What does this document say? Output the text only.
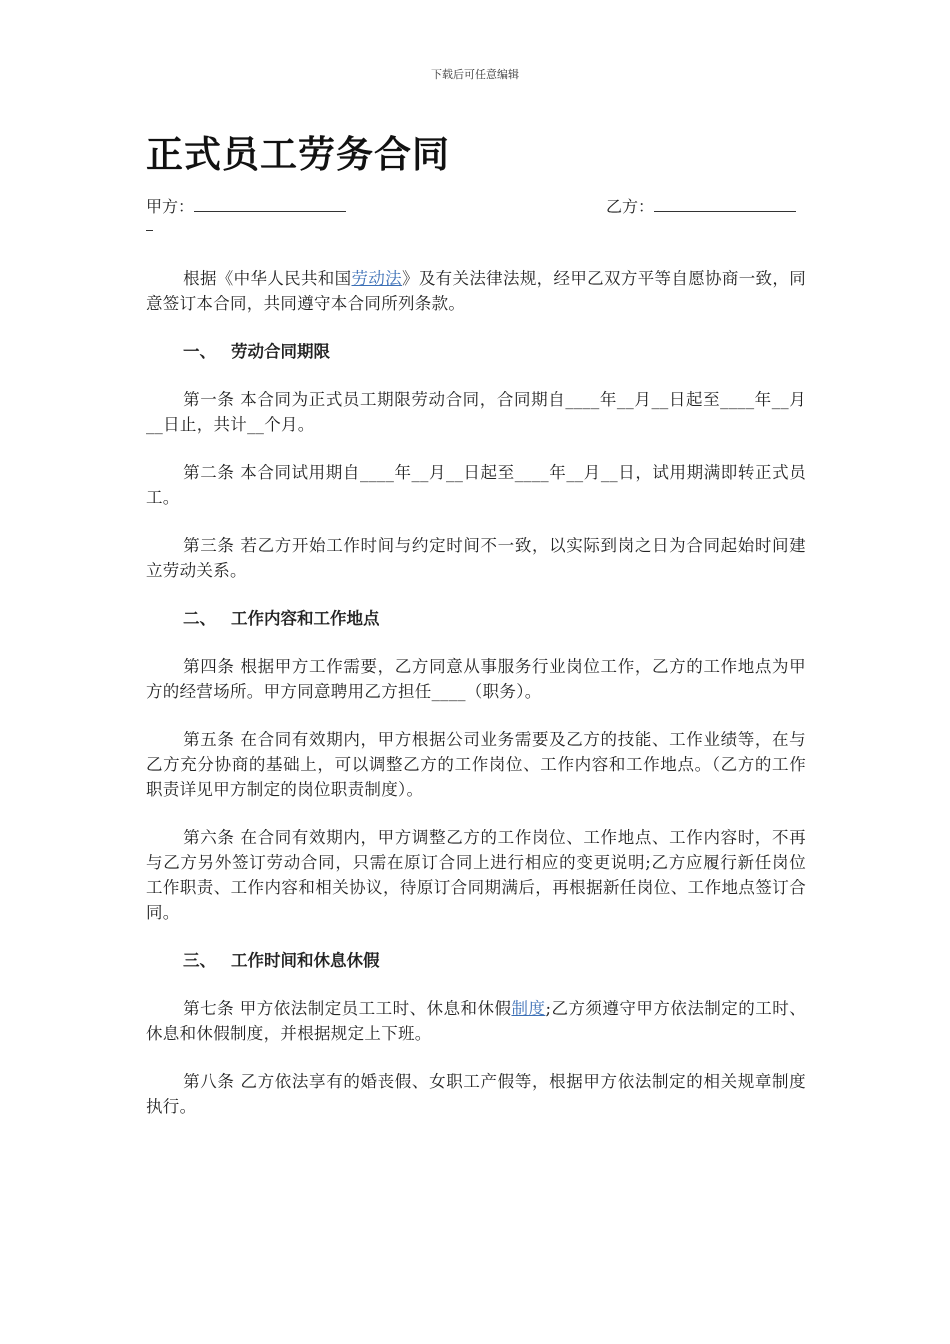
下载后可任意编辑
正式员工劳务合同
甲方：	乙方：

根据《中华人民共和国劳动法》及有关法律法规，经甲乙双方平等自愿协商一致，同意签订本合同，共同遵守本合同所列条款。

一、 劳动合同期限

第一条 本合同为正式员工期限劳动合同，合同期自____年__月__日起至____年__月__日止，共计__个月。

第二条 本合同试用期自____年__月__日起至____年__月__日，试用期满即转正式员工。

第三条 若乙方开始工作时间与约定时间不一致，以实际到岗之日为合同起始时间建立劳动关系。

二、 工作内容和工作地点

第四条 根据甲方工作需要，乙方同意从事服务行业岗位工作，乙方的工作地点为甲方的经营场所。甲方同意聘用乙方担任____（职务）。

第五条 在合同有效期内，甲方根据公司业务需要及乙方的技能、工作业绩等，在与乙方充分协商的基础上，可以调整乙方的工作岗位、工作内容和工作地点。（乙方的工作职责详见甲方制定的岗位职责制度）。

第六条 在合同有效期内，甲方调整乙方的工作岗位、工作地点、工作内容时，不再与乙方另外签订劳动合同，只需在原订合同上进行相应的变更说明;乙方应履行新任岗位工作职责、工作内容和相关协议，待原订合同期满后，再根据新任岗位、工作地点签订合同。

三、 工作时间和休息休假

第七条 甲方依法制定员工工时、休息和休假制度;乙方须遵守甲方依法制定的工时、休息和休假制度，并根据规定上下班。

第八条 乙方依法享有的婚丧假、女职工产假等，根据甲方依法制定的相关规章制度执行。
